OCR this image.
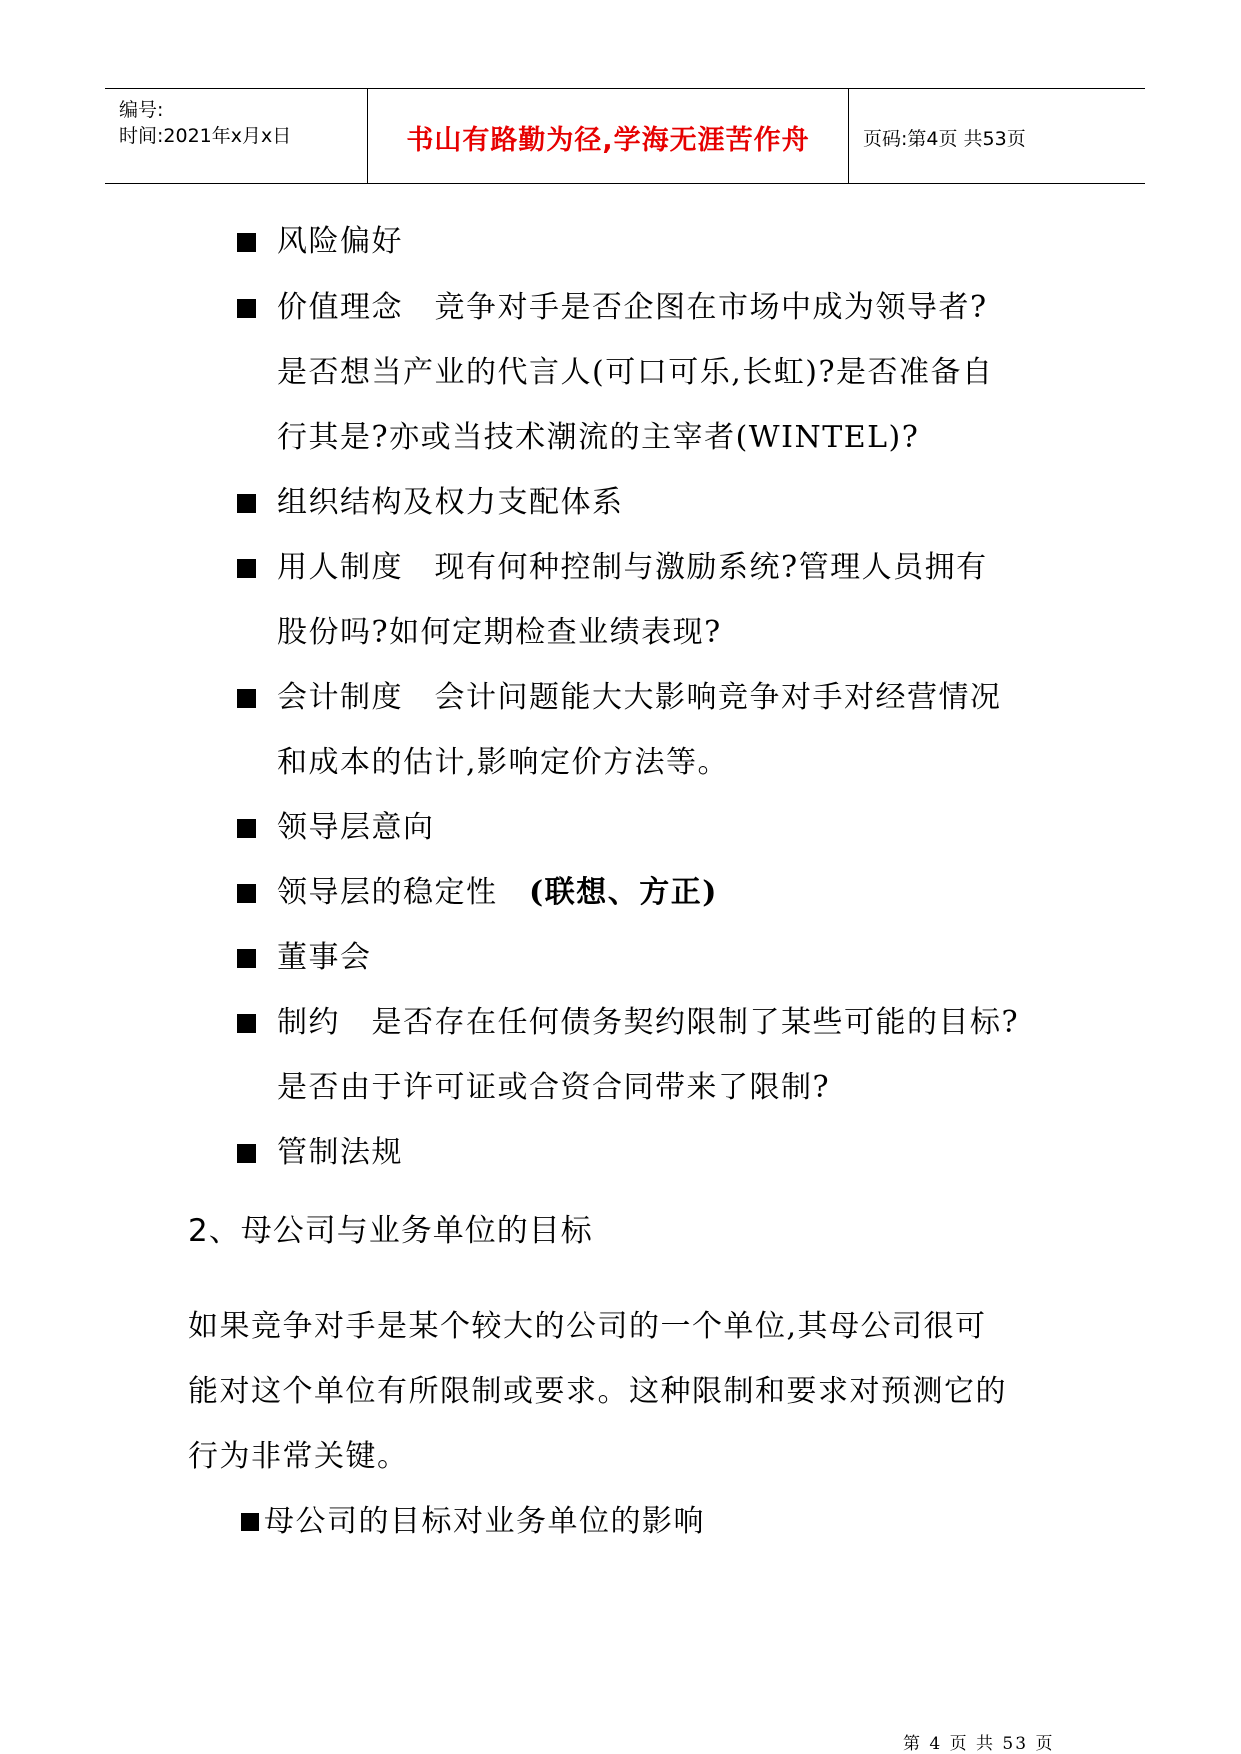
编号:
时间:2021年x月x日	书山有路勤为径,学海无涯苦作舟	页码:第4页 共53页
风险偏好
价值理念　竞争对手是否企图在市场中成为领导者?
是否想当产业的代言人(可口可乐,长虹)?是否准备自
行其是?亦或当技术潮流的主宰者(WINTEL)?
组织结构及权力支配体系
用人制度　现有何种控制与激励系统?管理人员拥有
股份吗?如何定期检查业绩表现?
会计制度　会计问题能大大影响竞争对手对经营情况
和成本的估计,影响定价方法等。
领导层意向
领导层的稳定性　(联想、方正)
董事会
制约　是否存在任何债务契约限制了某些可能的目标?
是否由于许可证或合资合同带来了限制?
管制法规
2、母公司与业务单位的目标
如果竞争对手是某个较大的公司的一个单位,其母公司很可
能对这个单位有所限制或要求。这种限制和要求对预测它的
行为非常关键。
母公司的目标对业务单位的影响
第 4 页 共 53 页
